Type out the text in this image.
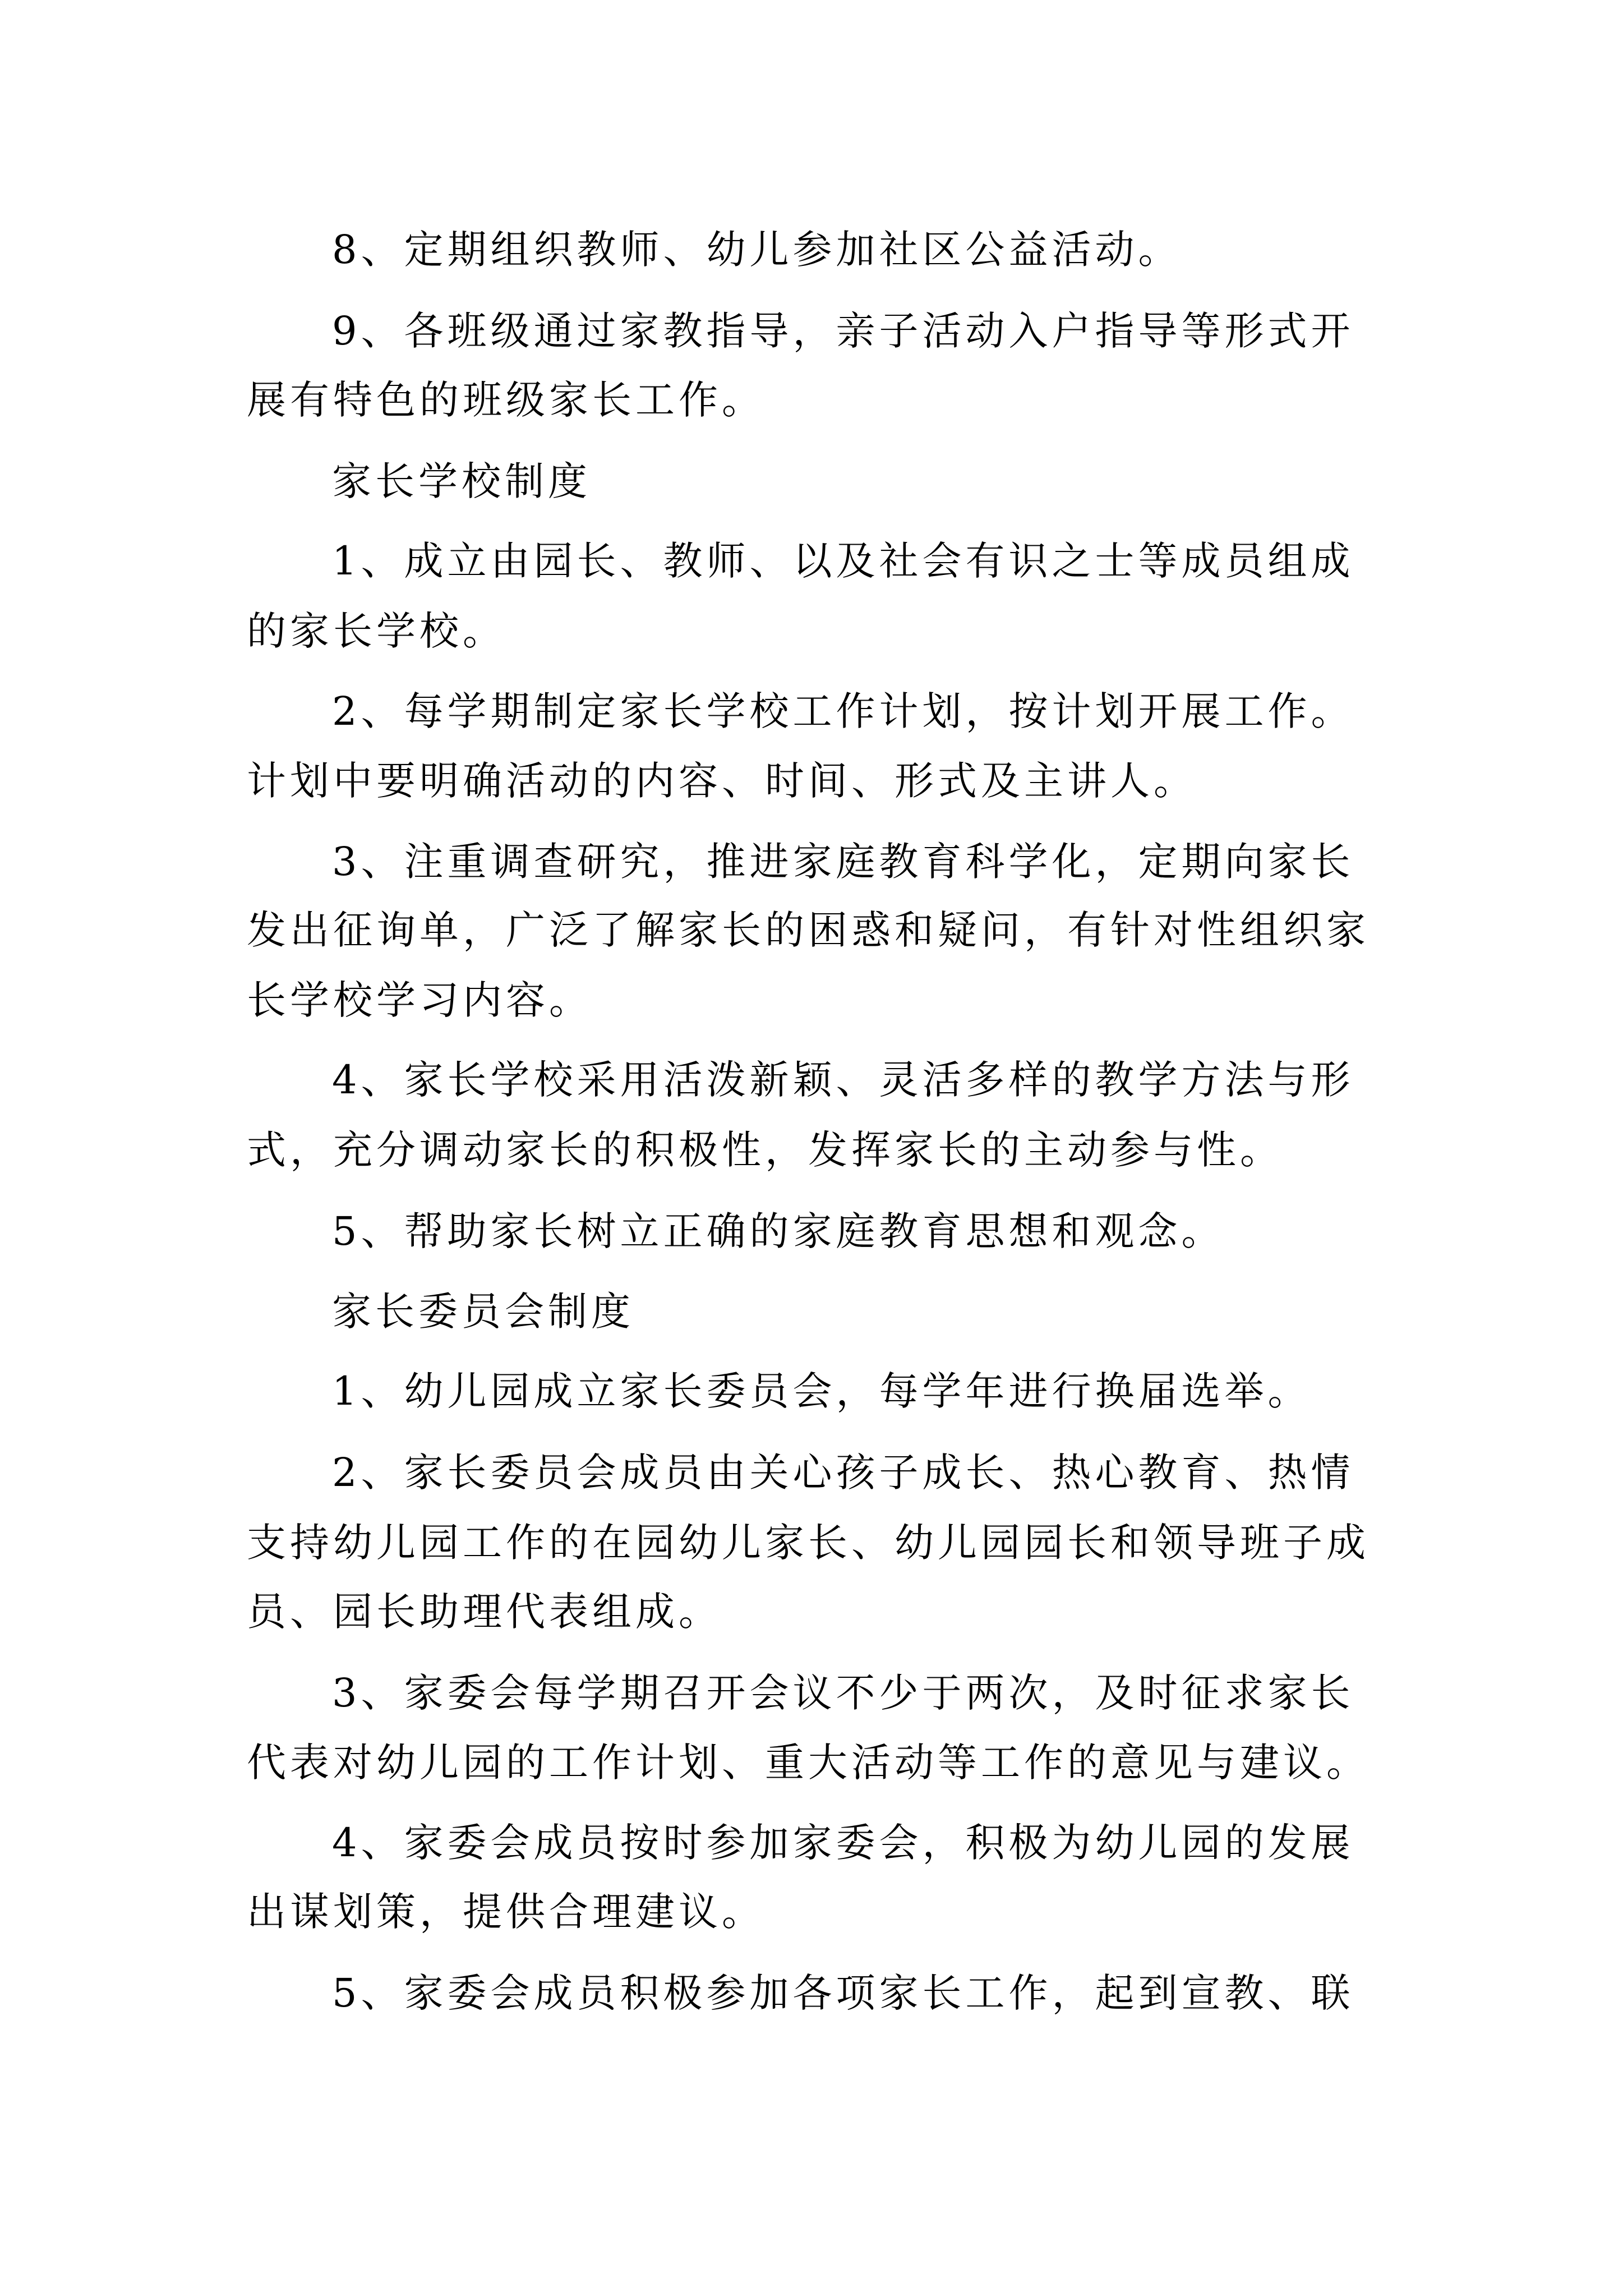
8、定期组织教师、幼儿参加社区公益活动。
9、各班级通过家教指导，亲子活动入户指导等形式开
展有特色的班级家长工作。
家长学校制度
1、成立由园长、教师、以及社会有识之士等成员组成
的家长学校。
2、每学期制定家长学校工作计划，按计划开展工作。
计划中要明确活动的内容、时间、形式及主讲人。
3、注重调查研究，推进家庭教育科学化，定期向家长
发出征询单，广泛了解家长的困惑和疑问，有针对性组织家
长学校学习内容。
4、家长学校采用活泼新颖、灵活多样的教学方法与形
式，充分调动家长的积极性，发挥家长的主动参与性。
5、帮助家长树立正确的家庭教育思想和观念。
家长委员会制度
1、幼儿园成立家长委员会，每学年进行换届选举。
2、家长委员会成员由关心孩子成长、热心教育、热情
支持幼儿园工作的在园幼儿家长、幼儿园园长和领导班子成
员、园长助理代表组成。
3、家委会每学期召开会议不少于两次，及时征求家长
代表对幼儿园的工作计划、重大活动等工作的意见与建议。
4、家委会成员按时参加家委会，积极为幼儿园的发展
出谋划策，提供合理建议。
5、家委会成员积极参加各项家长工作，起到宣教、联
